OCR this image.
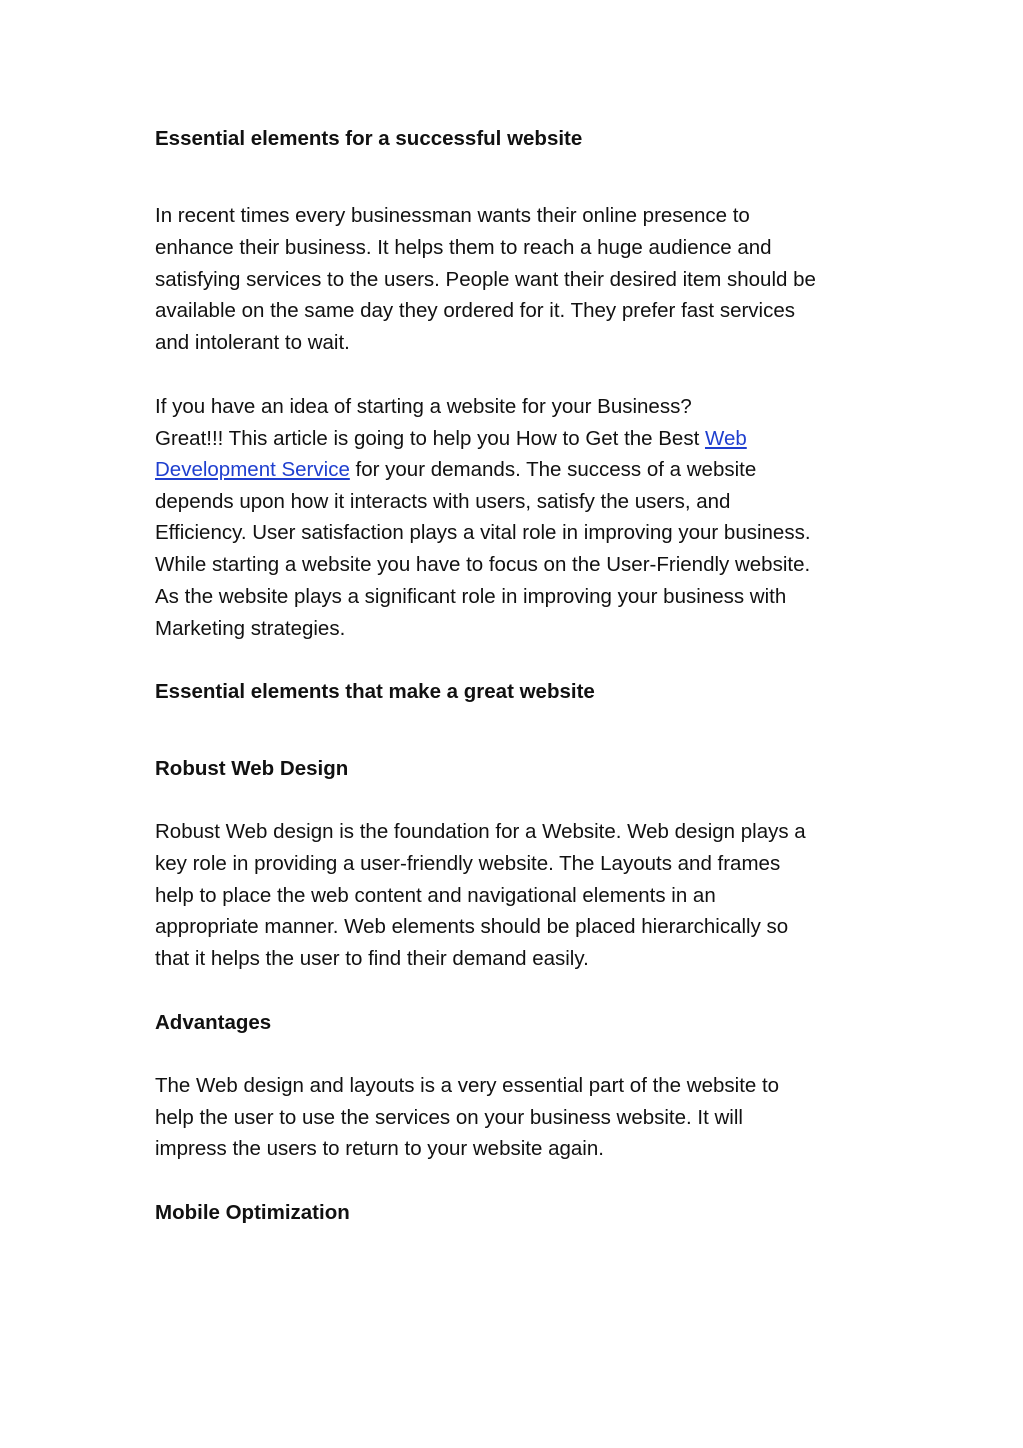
Essential elements for a successful website
In recent times every businessman wants their online presence to
enhance their business. It helps them to reach a huge audience and
satisfying services to the users. People want their desired item should be
available on the same day they ordered for it. They prefer fast services
and intolerant to wait.
If you have an idea of starting a website for your Business?
Great!!! This article is going to help you How to Get the Best Web
Development Service for your demands. The success of a website
depends upon how it interacts with users, satisfy the users, and
Efficiency. User satisfaction plays a vital role in improving your business.
While starting a website you have to focus on the User-Friendly website.
As the website plays a significant role in improving your business with
Marketing strategies.
Essential elements that make a great website
Robust Web Design
Robust Web design is the foundation for a Website. Web design plays a
key role in providing a user-friendly website. The Layouts and frames
help to place the web content and navigational elements in an
appropriate manner. Web elements should be placed hierarchically so
that it helps the user to find their demand easily.
Advantages
The Web design and layouts is a very essential part of the website to
help the user to use the services on your business website. It will
impress the users to return to your website again.
Mobile Optimization
